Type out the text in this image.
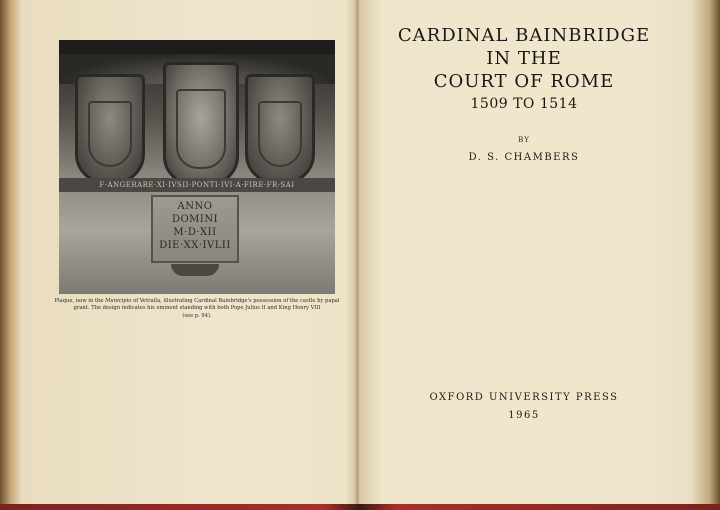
F·ANGERARE·XI·IVSII·PONTI·IVI·A·FIRE·FR·SAI
ANNO
DOMINI
M·D·XII
DIE·XX·IVLII
Plaque, now in the Municipio of Vetralla, illustrating Cardinal Bainbridge's possession of the castle by papal grant. The design indicates his eminent standing with both Pope Julius II and King Henry VIII
(see p. 94).
CARDINAL BAINBRIDGE
IN THE
COURT OF ROME
1509 TO 1514
BY
D. S. CHAMBERS
OXFORD UNIVERSITY PRESS
1965
